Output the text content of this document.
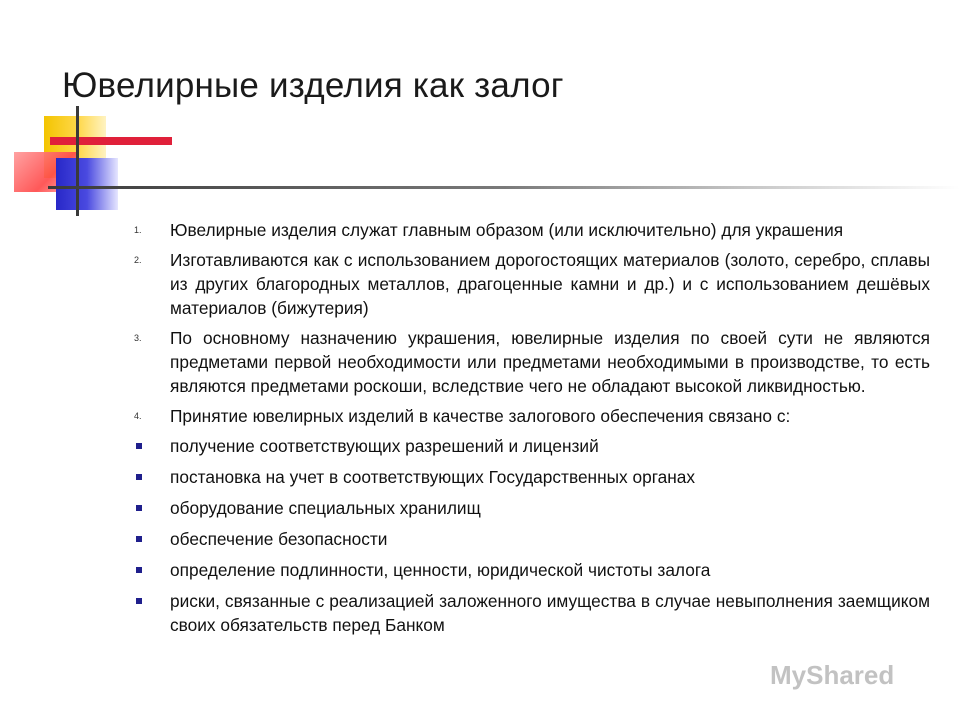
Ювелирные изделия как залог
1. Ювелирные изделия служат главным образом (или исключительно) для украшения
2. Изготавливаются как с использованием дорогостоящих материалов (золото, серебро, сплавы из других благородных металлов, драгоценные камни и др.) и с использованием дешёвых материалов (бижутерия)
3. По основному назначению украшения, ювелирные изделия по своей сути не являются предметами первой необходимости или предметами необходимыми в производстве, то есть являются предметами роскоши, вследствие чего не обладают высокой ликвидностью.
4. Принятие ювелирных изделий в качестве залогового обеспечения связано с:
получение соответствующих разрешений и лицензий
постановка на учет в соответствующих Государственных органах
оборудование специальных хранилищ
обеспечение безопасности
определение подлинности, ценности, юридической чистоты залога
риски, связанные с реализацией заложенного имущества в случае невыполнения заемщиком своих обязательств перед Банком
MyShared
